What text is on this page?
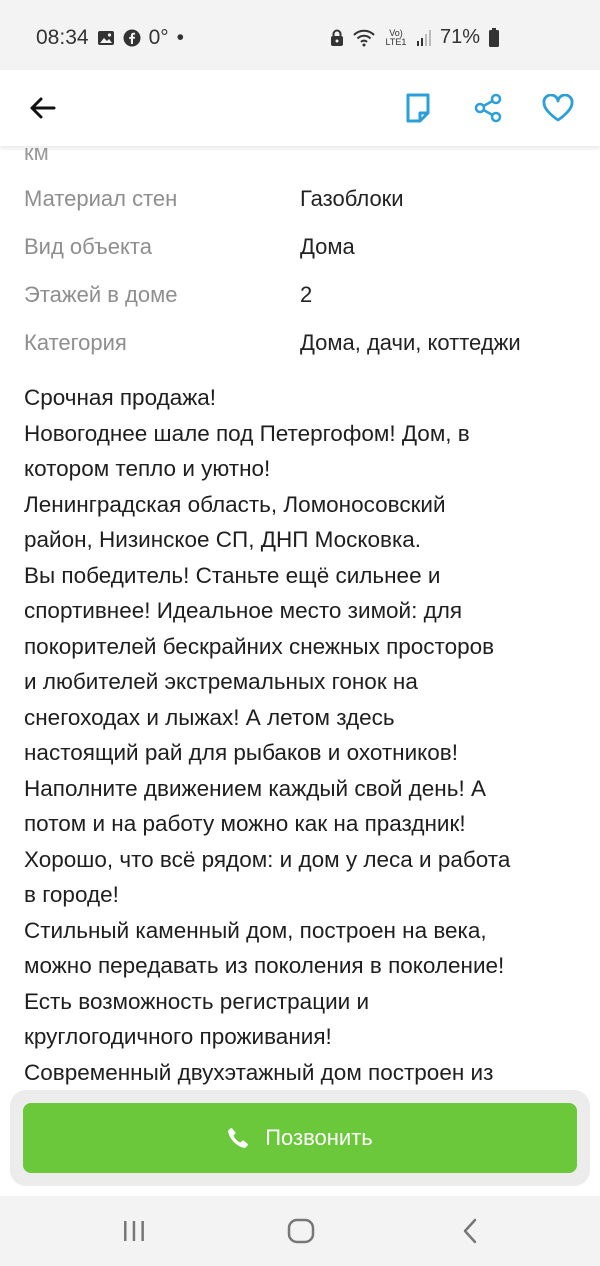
08:34	0° •	Vo) LTE1 71%
км
Материал стен	Газоблоки
Вид объекта	Дома
Этажей в доме	2
Категория	Дома, дачи, коттеджи
Срочная продажа!
Новогоднее шале под Петергофом! Дом, в
котором тепло и уютно!
Ленинградская область, Ломоносовский
район, Низинское СП, ДНП Московка.
Вы победитель! Станьте ещё сильнее и
спортивнее! Идеальное место зимой: для
покорителей бескрайних снежных просторов
и любителей экстремальных гонок на
снегоходах и лыжах! А летом здесь
настоящий рай для рыбаков и охотников!
Наполните движением каждый свой день! А
потом и на работу можно как на праздник!
Хорошо, что всё рядом: и дом у леса и работа
в городе!
Стильный каменный дом, построен на века,
можно передавать из поколения в поколение!
Есть возможность регистрации и
круглогодичного проживания!
Современный двухэтажный дом построен из
Позвонить
